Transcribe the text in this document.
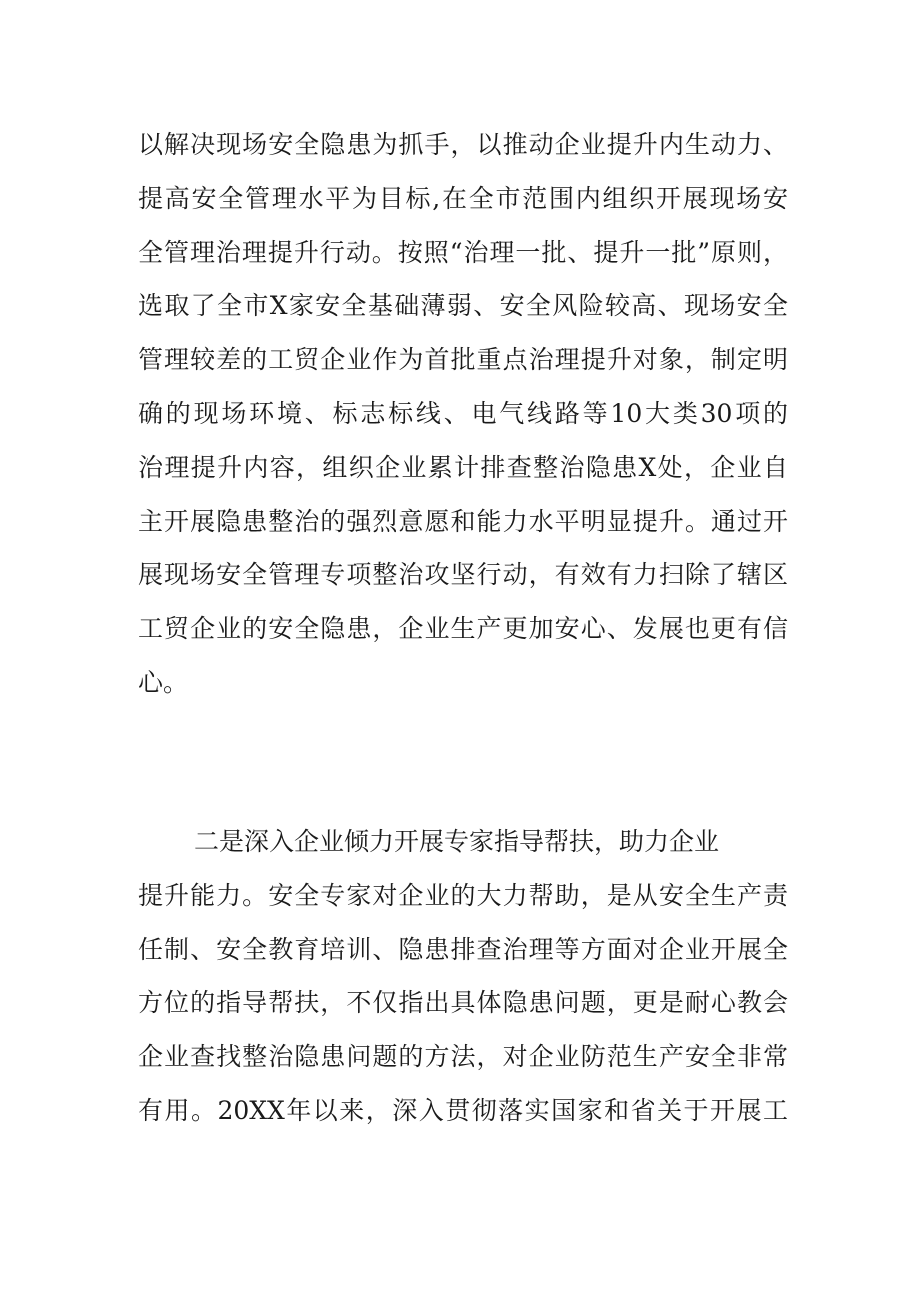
以解决现场安全隐患为抓手，以推动企业提升内生动力、
提高安全管理水平为目标,在全市范围内组织开展现场安
全管理治理提升行动。按照“治理一批、提升一批”原则，
选取了全市X家安全基础薄弱、安全风险较高、现场安全
管理较差的工贸企业作为首批重点治理提升对象，制定明
确的现场环境、标志标线、电气线路等10大类30项的
治理提升内容，组织企业累计排查整治隐患X处，企业自
主开展隐患整治的强烈意愿和能力水平明显提升。通过开
展现场安全管理专项整治攻坚行动，有效有力扫除了辖区
工贸企业的安全隐患，企业生产更加安心、发展也更有信
心。
二是深入企业倾力开展专家指导帮扶，助力企业
提升能力。安全专家对企业的大力帮助，是从安全生产责
任制、安全教育培训、隐患排查治理等方面对企业开展全
方位的指导帮扶，不仅指出具体隐患问题，更是耐心教会
企业查找整治隐患问题的方法，对企业防范生产安全非常
有用。20XX年以来，深入贯彻落实国家和省关于开展工
